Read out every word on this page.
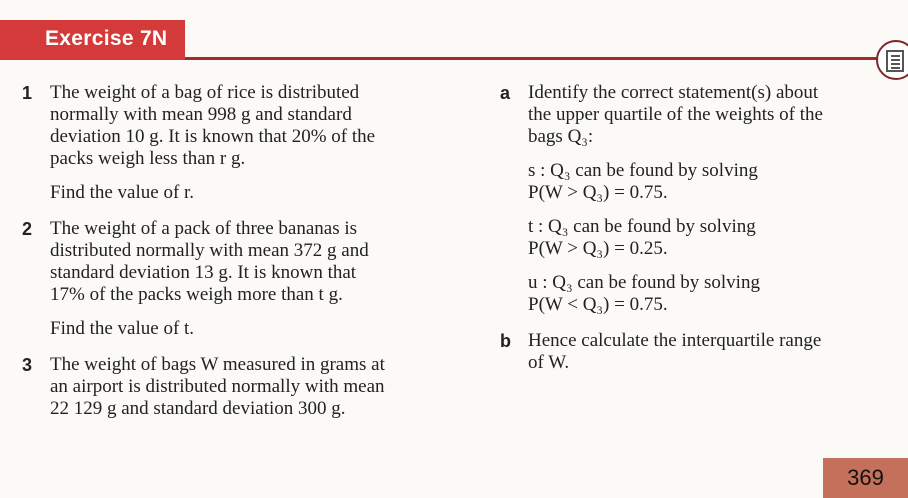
Exercise 7N
1 The weight of a bag of rice is distributed

normally with mean 998 g and standard

deviation 10 g. It is known that 20% of the

packs weigh less than r g.

Find the value of r.

2 The weight of a pack of three bananas is

distributed normally with mean 372 g and

standard deviation 13 g. It is known that

17% of the packs weigh more than t g.

Find the value of t.

3 The weight of bags W measured in grams at

an airport is distributed normally with mean

22 129 g and standard deviation 300 g.

a Identify the correct statement(s) about

the upper quartile of the weights of the

bags Q₃:

s : Q₃ can be found by solving

P(W > Q₃) = 0.75.

t : Q₃ can be found by solving

P(W > Q₃) = 0.25.

u : Q₃ can be found by solving

P(W < Q₃) = 0.75.

b Hence calculate the interquartile range

of W.

369
